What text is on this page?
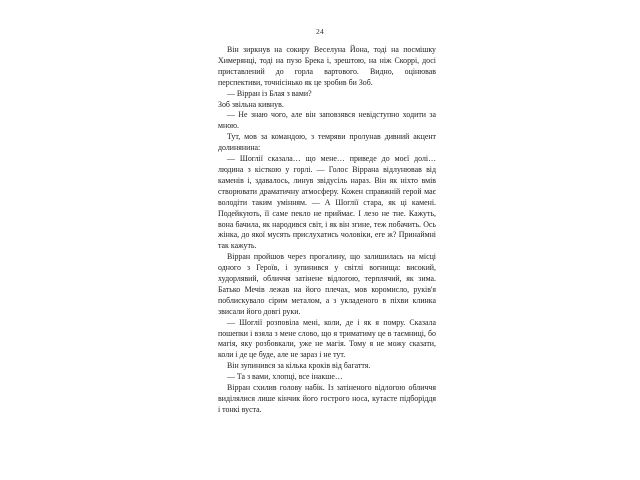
24

Він зиркнув на сокиру Веселуна Йона, тоді на посмішку Химерянці, тоді на пузо Брека і, зрештою, на ніж Скоррі, досі приставлений до горла вартового. Видно, оцінював перспективи, точнісінько як це зробив би Зоб.

— Вірран із Блая з вами?

Зоб звільна кивнув.

— Не знаю чого, але він заповзявся невідступно ходити за мною.

Тут, мов за командою, з темряви пролунав дивний акцент долинянина:

— Шоглії сказала… що мене… приведе до моєї долі… людина з кісткою у горлі. — Голос Віррана відлунював від каменів і, здавалось, линув звідусіль нараз. Він як ніхто вмів створювати драматичну атмосферу. Кожен справжній герой має володіти таким умінням. — А Шоглії стара, як ці камені. Подейкують, її саме пекло не приймає. І лезо не тне. Кажуть, вона бачила, як народився світ, і як він згине, теж побачить. Ось жінка, до якої мусять прислухатись чоловіки, еге ж? Принаймні так кажуть.

Вірран пройшов через прогалину, що залишилась на місці одного з Героїв, і зупинився у світлі вогнища: високий, худорлявий, обличчя затінене відлогою, терплячий, як зима. Батько Мечів лежав на його плечах, мов коромисло, руків'я поблискувало сірим металом, а з укладеного в піхви клинка звисали його довгі руки.

— Шоглії розповіла мені, коли, де і як я помру. Сказала пошепки і взяла з мене слово, що я триматиму це в таємниці, бо магія, яку розбовкали, уже не магія. Тому я не можу сказати, коли і де це буде, але не зараз і не тут.

Він зупинився за кілька кроків від багаття.

— Та з вами, хлопці, все інакше…

Вірран схилив голову набік. Із затіненого відлогою обличчя виділялися лише кінчик його гострого носа, кутасте підборіддя і тонкі вуста.
